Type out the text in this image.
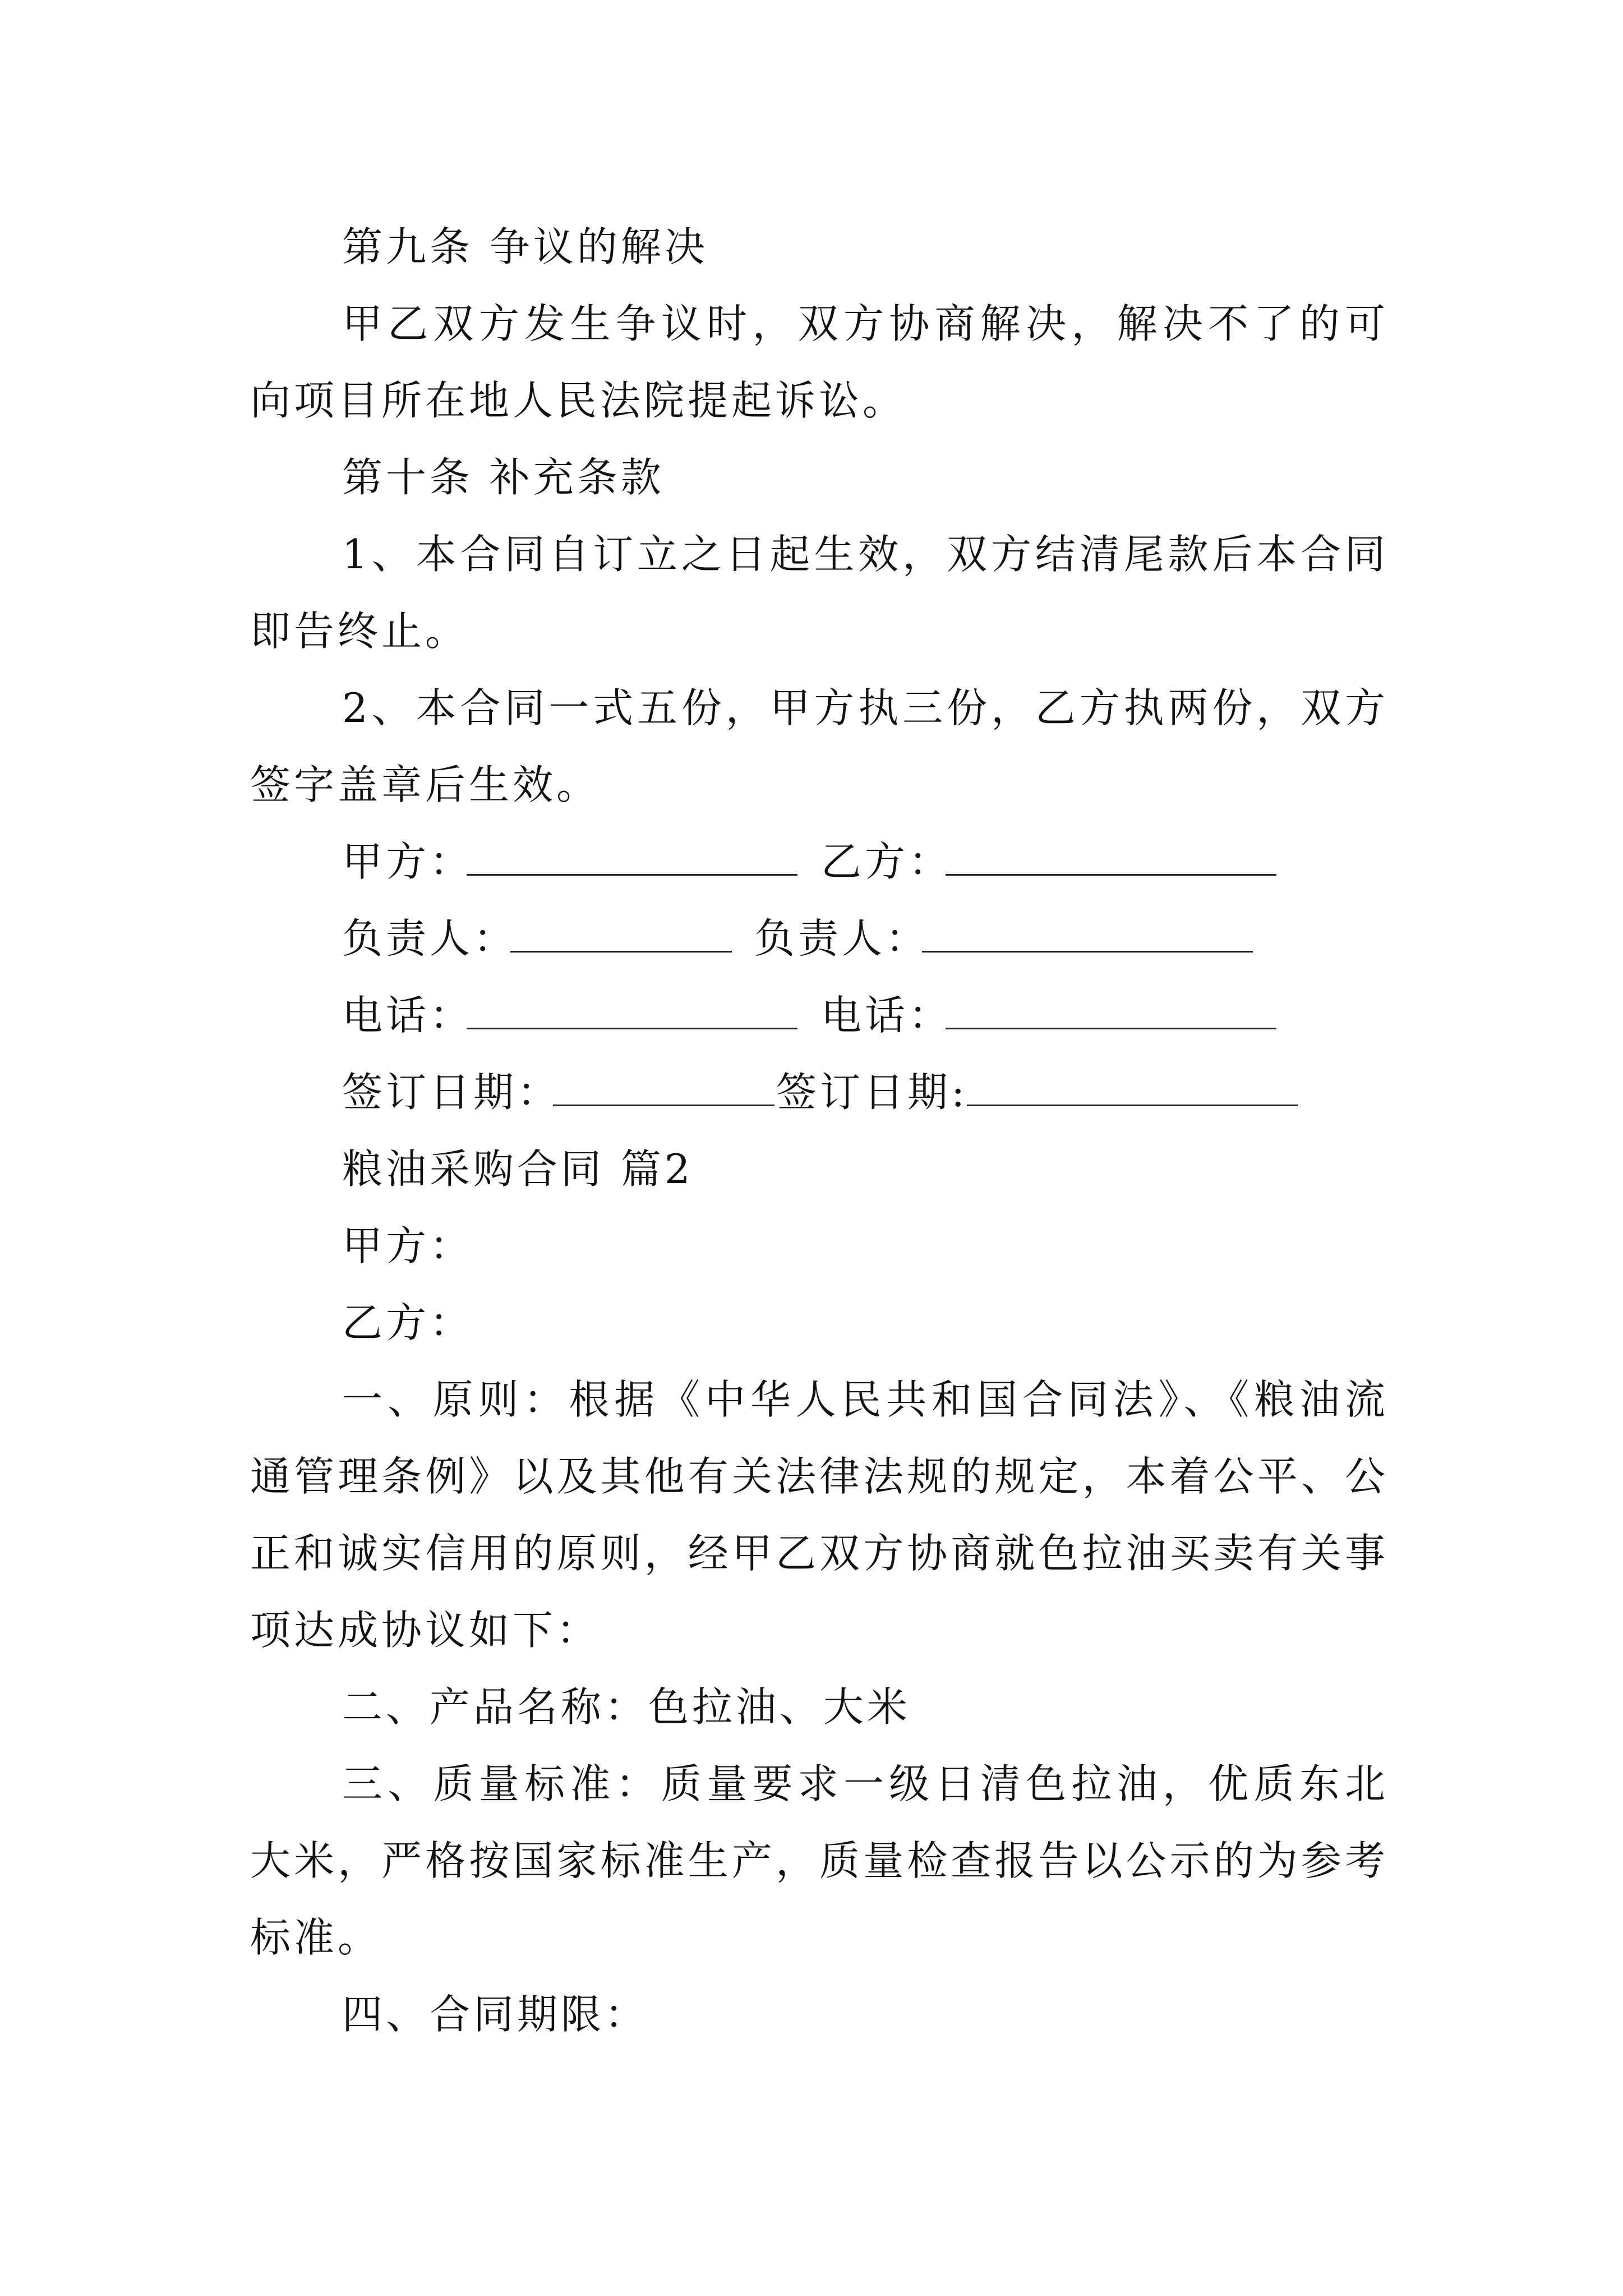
第九条 争议的解决

甲乙双方发生争议时，双方协商解决，解决不了的可向项目所在地人民法院提起诉讼。

第十条 补充条款

1、本合同自订立之日起生效，双方结清尾款后本合同即告终止。

2、本合同一式五份，甲方执三份，乙方执两份，双方签字盖章后生效。

甲方：	乙方：
负责人：	负责人：
电话：	电话：
签订日期：	签订日期:

粮油采购合同 篇2

甲方：

乙方：

一、原则：根据《中华人民共和国合同法》、《粮油流通管理条例》以及其他有关法律法规的规定，本着公平、公正和诚实信用的原则，经甲乙双方协商就色拉油买卖有关事项达成协议如下：

二、产品名称：色拉油、大米

三、质量标准：质量要求一级日清色拉油，优质东北大米，严格按国家标准生产，质量检查报告以公示的为参考标准。

四、合同期限：
